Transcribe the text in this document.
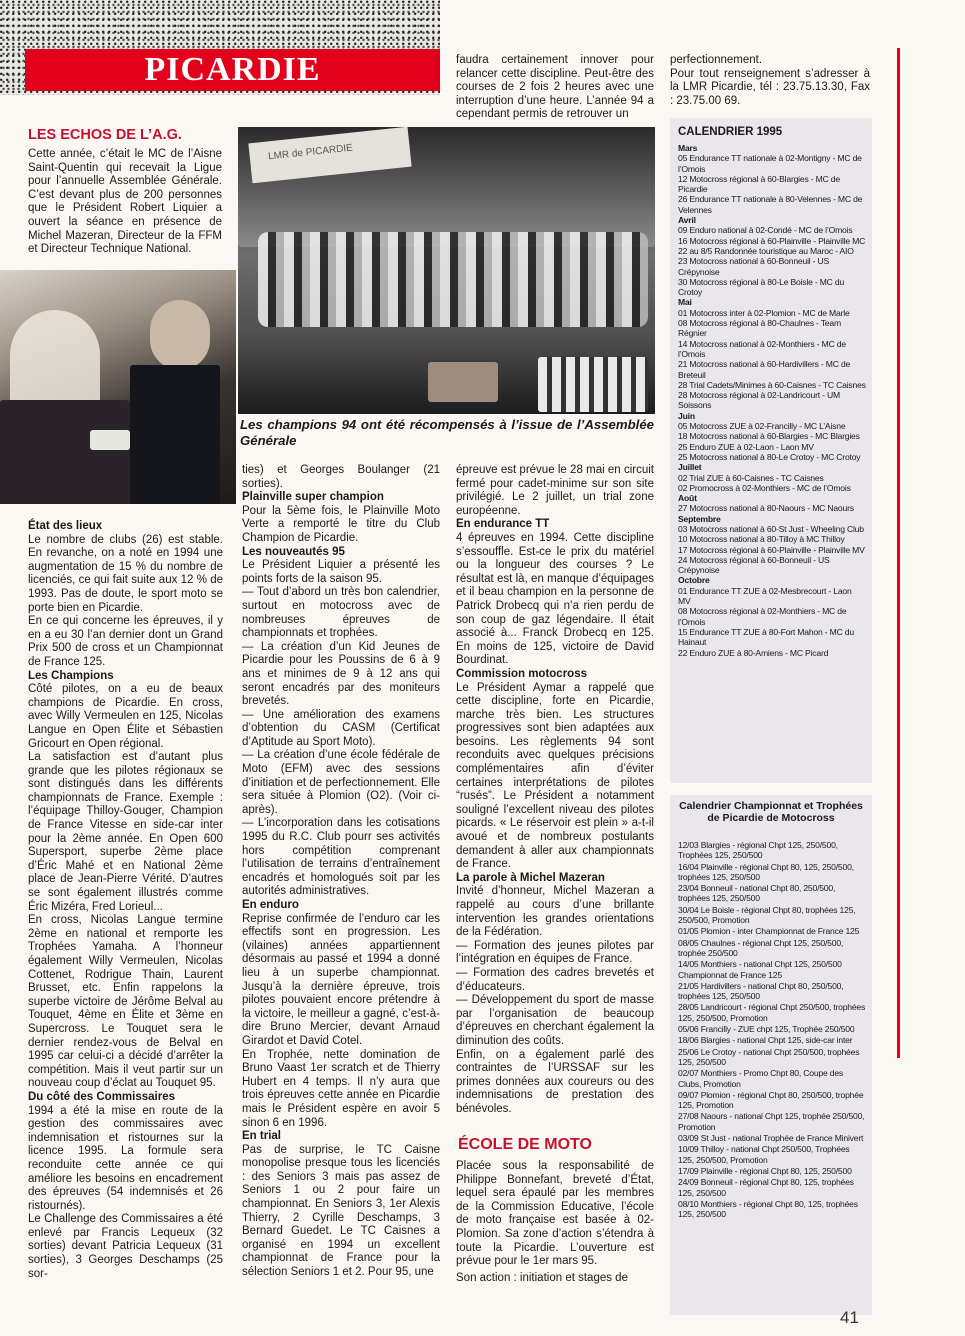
PICARDIE
LES ECHOS DE L’A.G.
Cette année, c’était le MC de l’Aisne Saint-Quentin qui recevait la Ligue pour l’annuelle Assemblée Générale. C’est devant plus de 200 personnes que le Président Robert Liquier a ouvert la séance en présence de Michel Mazeran, Directeur de la FFM et Directeur Technique National.
LMR de PICARDIE
Les champions 94 ont été récompensés à l’issue de l’Assemblée Générale

État des lieux

Le nombre de clubs (26) est stable. En revanche, on a noté en 1994 une augmentation de 15 % du nombre de licenciés, ce qui fait suite aux 12 % de 1993. Pas de doute, le sport moto se porte bien en Picardie.

En ce qui concerne les épreuves, il y en a eu 30 l’an dernier dont un Grand Prix 500 de cross et un Championnat de France 125.

Les Champions

Côté pilotes, on a eu de beaux champions de Picardie. En cross, avec Willy Vermeulen en 125, Nicolas Langue en Open Élite et Sébastien Gricourt en Open régional.

La satisfaction est d’autant plus grande que les pilotes régionaux se sont distingués dans les différents championnats de France. Exemple : l’équipage Thilloy-Gouger, Champion de France Vitesse en side-car inter pour la 2ème année. En Open 600 Supersport, superbe 2ème place d’Éric Mahé et en National 2ème place de Jean-Pierre Vérité. D’autres se sont également illustrés comme Éric Mizéra, Fred Lorieul...

En cross, Nicolas Langue termine 2ème en national et remporte les Trophées Yamaha. A l’honneur également Willy Vermeulen, Nicolas Cottenet, Rodrigue Thain, Laurent Brusset, etc. Enfin rappelons la superbe victoire de Jérôme Belval au Touquet, 4ème en Élite et 3ème en Supercross. Le Touquet sera le dernier rendez-vous de Belval en 1995 car celui-ci a décidé d’arrêter la compétition. Mais il veut partir sur un nouveau coup d’éclat au Touquet 95.

Du côté des Commissaires

1994 a été la mise en route de la gestion des commissaires avec indemnisation et ristournes sur la licence 1995. La formule sera reconduite cette année ce qui améliore les besoins en encadrement des épreuves (54 indemnisés et 26 ristournés).

Le Challenge des Commissaires a été enlevé par Francis Lequeux (32 sorties) devant Patricia Lequeux (31 sorties), 3 Georges Deschamps (25 sor-

ties) et Georges Boulanger (21 sorties).

Plainville super champion

Pour la 5ème fois, le Plainville Moto Verte a remporté le titre du Club Champion de Picardie.

Les nouveautés 95

Le Président Liquier a présenté les points forts de la saison 95.

— Tout d’abord un très bon calendrier, surtout en motocross avec de nombreuses épreuves de championnats et trophées.

— La création d’un Kid Jeunes de Picardie pour les Poussins de 6 à 9 ans et minimes de 9 à 12 ans qui seront encadrés par des moniteurs brevetés.

— Une amélioration des examens d’obtention du CASM (Certificat d’Aptitude au Sport Moto).

— La création d’une école fédérale de Moto (EFM) avec des sessions d’initiation et de perfectionnement. Elle sera située à Plomion (O2). (Voir ci-après).

— L’incorporation dans les cotisations 1995 du R.C. Club pourr ses activités hors compétition comprenant l’utilisation de terrains d’entraînement encadrés et homologués soit par les autorités administratives.

En enduro

Reprise confirmée de l’enduro car les effectifs sont en progression. Les (vilaines) années appartiennent désormais au passé et 1994 a donné lieu à un superbe championnat. Jusqu’à la dernière épreuve, trois pilotes pouvaient encore prétendre à la victoire, le meilleur a gagné, c’est-à-dire Bruno Mercier, devant Arnaud Girardot et David Cotel.

En Trophée, nette domination de Bruno Vaast 1er scratch et de Thierry Hubert en 4 temps. Il n’y aura que trois épreuves cette année en Picardie mais le Président espère en avoir 5 sinon 6 en 1996.

En trial

Pas de surprise, le TC Caisne monopolise presque tous les licenciés : des Seniors 3 mais pas assez de Seniors 1 ou 2 pour faire un championnat. En Seniors 3, 1er Alexis Thierry, 2 Cyrille Deschamps, 3 Bernard Guedet. Le TC Caisnes a organisé en 1994 un excellent championnat de France pour la sélection Seniors 1 et 2. Pour 95, une

faudra certainement innover pour relancer cette discipline. Peut-être des courses de 2 fois 2 heures avec une interruption d’une heure. L’année 94 a cependant permis de retrouver un

épreuve est prévue le 28 mai en circuit fermé pour cadet-minime sur son site privilégié. Le 2 juillet, un trial zone européenne.

En endurance TT

4 épreuves en 1994. Cette discipline s’essouffle. Est-ce le prix du matériel ou la longueur des courses ? Le résultat est là, en manque d’équipages et il beau champion en la personne de Patrick Drobecq qui n’a rien perdu de son coup de gaz légendaire. Il était associé à... Franck Drobecq en 125. En moins de 125, victoire de David Bourdinat.

Commission motocross

Le Président Aymar a rappelé que cette discipline, forte en Picardie, marche très bien. Les structures progressives sont bien adaptées aux besoins. Les règlements 94 sont reconduits avec quelques précisions complémentaires afin d’éviter certaines interprétations de pilotes “rusés”. Le Président a notamment souligné l’excellent niveau des pilotes picards. « Le réservoir est plein » a-t-il avoué et de nombreux postulants demandent à aller aux championnats de France.

La parole à Michel Mazeran

Invité d’honneur, Michel Mazeran a rappelé au cours d’une brillante intervention les grandes orientations de la Fédération.

— Formation des jeunes pilotes par l’intégration en équipes de France.

— Formation des cadres brevetés et d’éducateurs.

— Développement du sport de masse par l’organisation de beaucoup d’épreuves en cherchant également la diminution des coûts.

Enfin, on a également parlé des contraintes de l’URSSAF sur les primes données aux coureurs ou des indemnisations de prestation des bénévoles.

ÉCOLE DE MOTO
Placée sous la responsabilité de Philippe Bonnefant, breveté d’État, lequel sera épaulé par les membres de la Commission Educative, l’école de moto française est basée à 02-Plomion. Sa zone d’action s’étendra à toute la Picardie. L’ouverture est prévue pour le 1er mars 95.
Son action : initiation et stages de
perfectionnement.
Pour tout renseignement s’adresser à la LMR Picardie, tél : 23.75.13.30, Fax : 23.75.00 69.
CALENDRIER 1995
Mars
05 Endurance TT nationale à 02-Montigny - MC de l’Omois
12 Motocross régional à 60-Blargies - MC de Picardie
26 Endurance TT nationale à 80-Velennes - MC de Velennes
Avril
09 Enduro national à 02-Condé - MC de l’Omois
16 Motocross régional à 60-Plainville - Plainville MC
22 au 8/5 Randonnée touristique au Maroc - AIO
23 Motocross national à 60-Bonneuil - US Crépynoise
30 Motocross régional à 80-Le Boisle - MC du Crotoy
Mai
01 Motocross inter à 02-Plomion - MC de Marle
08 Motocross régional à 80-Chaulnes - Team Régnier
14 Motocross national à 02-Monthiers - MC de l’Omois
21 Motocross national à 60-Hardivillers - MC de Breteuil
28 Trial Cadets/Minimes à 60-Caisnes - TC Caisnes
28 Motocross régional à 02-Landricourt - UM Soissons
Juin
05 Motocross ZUE à 02-Francilly - MC L’Aisne
18 Motocross national à 60-Blargies - MC Blargies
25 Enduro ZUE à 02-Laon - Laon MV
25 Motocross national à 80-Le Crotoy - MC Crotoy
Juillet
02 Trial ZUE à 60-Caisnes - TC Caisnes
02 Promocross à 02-Monthiers - MC de l’Omois
Août
27 Motocross national à 80-Naours - MC Naours
Septembre
03 Motocross national à 60-St Just - Wheeling Club
10 Motocross national à 80-Tilloy à MC Thilloy
17 Motocross régional à 60-Plainville - Plainville MV
24 Motocross régional à 60-Bonneuil - US Crépynoise
Octobre
01 Endurance TT ZUE à 02-Mesbrecourt - Laon MV
08 Motocross régional à 02-Monthiers - MC de l’Omois
15 Endurance TT ZUE à 80-Fort Mahon - MC du Hainaut
22 Enduro ZUE à 80-Amiens - MC Picard
Calendrier Championnat et Trophées de Picardie de Motocross
12/03 Blargies - régional Chpt 125, 250/500, Trophées 125, 250/500
16/04 Plainville - régional Chpt 80, 125, 250/500, trophées 125, 250/500
23/04 Bonneuil - national Chpt 80, 250/500, trophées 125, 250/500
30/04 Le Boisle - régional Chpt 80, trophées 125, 250/500, Promotion
01/05 Plomion - inter Championnat de France 125
08/05 Chaulnes - régional Chpt 125, 250/500, trophée 250/500
14/05 Monthiers - national Chpt 125, 250/500 Championnat de France 125
21/05 Hardivillers - national Chpt 80, 250/500, trophées 125, 250/500
28/05 Landricourt - régional Chpt 250/500, trophées 125, 250/500, Promotion
05/06 Francilly - ZUE chpt 125, Trophée 250/500
18/06 Blargies - national Chpt 125, side-car inter
25/06 Le Crotoy - national Chpt 250/500, trophées 125, 250/500
02/07 Monthiers - Promo Chpt 80, Coupe des Clubs, Promotion
09/07 Plomion - régional Chpt 80, 250/500, trophée 125, Promotion
27/08 Naours - national Chpt 125, trophée 250/500, Promotion
03/09 St Just - national Trophée de France Minivert
10/09 Thilloy - national Chpt 250/500, Trophées 125, 250/500, Promotion
17/09 Plainville - régional Chpt 80, 125, 250/500
24/09 Bonneuil - régional Chpt 80, 125, trophées 125, 250/500
08/10 Monthiers - régional Chpt 80, 125, trophées 125, 250/500
41
